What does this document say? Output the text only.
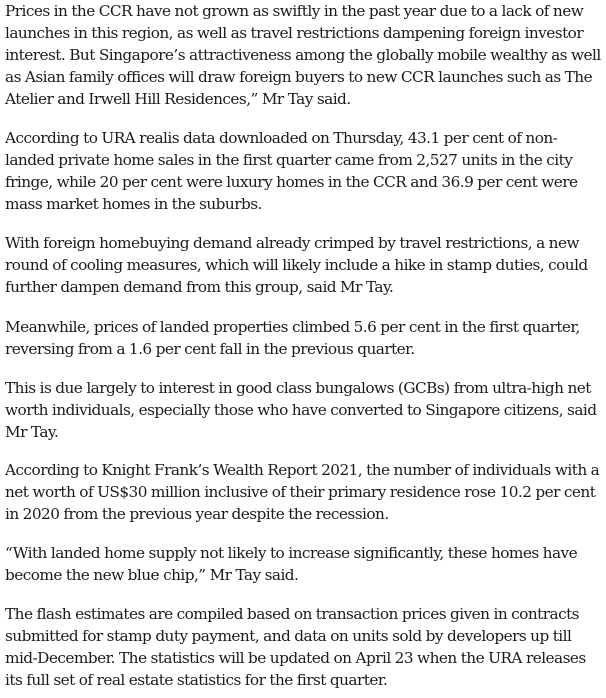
Prices in the CCR have not grown as swiftly in the past year due to a lack of new launches in this region, as well as travel restrictions dampening foreign investor interest. But Singapore’s attractiveness among the globally mobile wealthy as well as Asian family offices will draw foreign buyers to new CCR launches such as The Atelier and Irwell Hill Residences,” Mr Tay said.

According to URA realis data downloaded on Thursday, 43.1 per cent of non-landed private home sales in the first quarter came from 2,527 units in the city fringe, while 20 per cent were luxury homes in the CCR and 36.9 per cent were mass market homes in the suburbs.

With foreign homebuying demand already crimped by travel restrictions, a new round of cooling measures, which will likely include a hike in stamp duties, could further dampen demand from this group, said Mr Tay.

Meanwhile, prices of landed properties climbed 5.6 per cent in the first quarter, reversing from a 1.6 per cent fall in the previous quarter.

This is due largely to interest in good class bungalows (GCBs) from ultra-high net worth individuals, especially those who have converted to Singapore citizens, said Mr Tay.

According to Knight Frank’s Wealth Report 2021, the number of individuals with a net worth of US$30 million inclusive of their primary residence rose 10.2 per cent in 2020 from the previous year despite the recession.

“With landed home supply not likely to increase significantly, these homes have become the new blue chip,” Mr Tay said.

The flash estimates are compiled based on transaction prices given in contracts submitted for stamp duty payment, and data on units sold by developers up till mid-December. The statistics will be updated on April 23 when the URA releases its full set of real estate statistics for the first quarter.
